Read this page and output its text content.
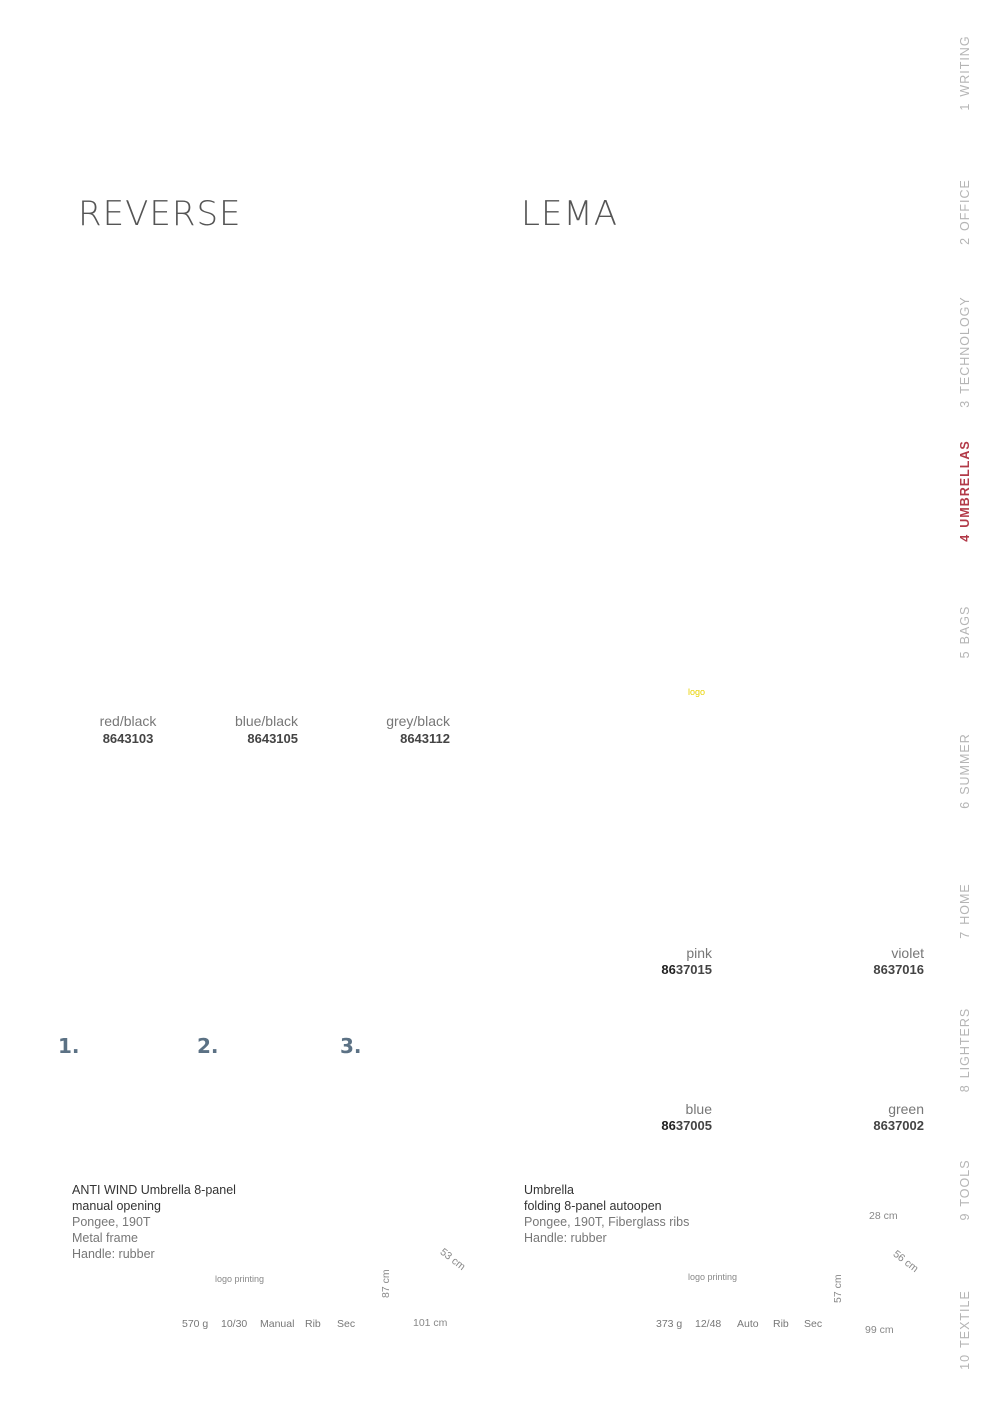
REVERSE	LEMA
red/black
8643103
blue/black
8643105
grey/black
8643112
logo
pink
8637015
violet
8637016
blue
8637005
green
8637002
1.	2.	3.
ANTI WIND Umbrella 8-panel
manual opening
Pongee, 190T
Metal frame
Handle: rubber
Umbrella
folding 8-panel autoopen
Pongee, 190T, Fiberglass ribs
Handle: rubber
logo printing
570 g 10/30 Manual Rib Sec
53 cm
87 cm
101 cm
logo printing
373 g 12/48 Auto Rib Sec
28 cm
56 cm
57 cm
99 cm
1WRITING
2OFFICE
3TECHNOLOGY
4UMBRELLAS
5BAGS
6SUMMER
7HOME
8LIGHTERS
9TOOLS
10TEXTILE
